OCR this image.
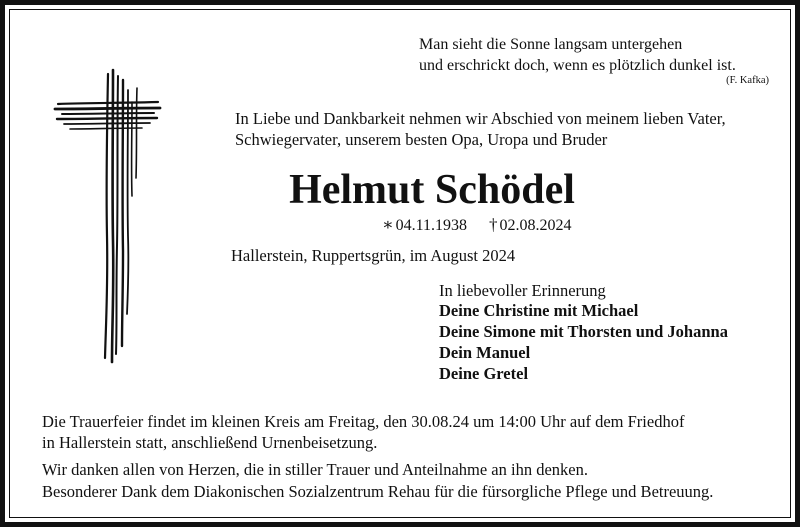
Man sieht die Sonne langsam untergehen
und erschrickt doch, wenn es plötzlich dunkel ist.
(F. Kafka)
In Liebe und Dankbarkeit nehmen wir Abschied von meinem lieben Vater,
Schwiegervater, unserem besten Opa, Uropa und Bruder
Helmut Schödel
∗ 04.11.1938 † 02.08.2024
Hallerstein, Ruppertsgrün, im August 2024
In liebevoller Erinnerung
Deine Christine mit Michael
Deine Simone mit Thorsten und Johanna
Dein Manuel
Deine Gretel
Die Trauerfeier findet im kleinen Kreis am Freitag, den 30.08.24 um 14:00 Uhr auf dem Friedhof
in Hallerstein statt, anschließend Urnenbeisetzung.
Wir danken allen von Herzen, die in stiller Trauer und Anteilnahme an ihn denken.
Besonderer Dank dem Diakonischen Sozialzentrum Rehau für die fürsorgliche Pflege und Betreuung.
